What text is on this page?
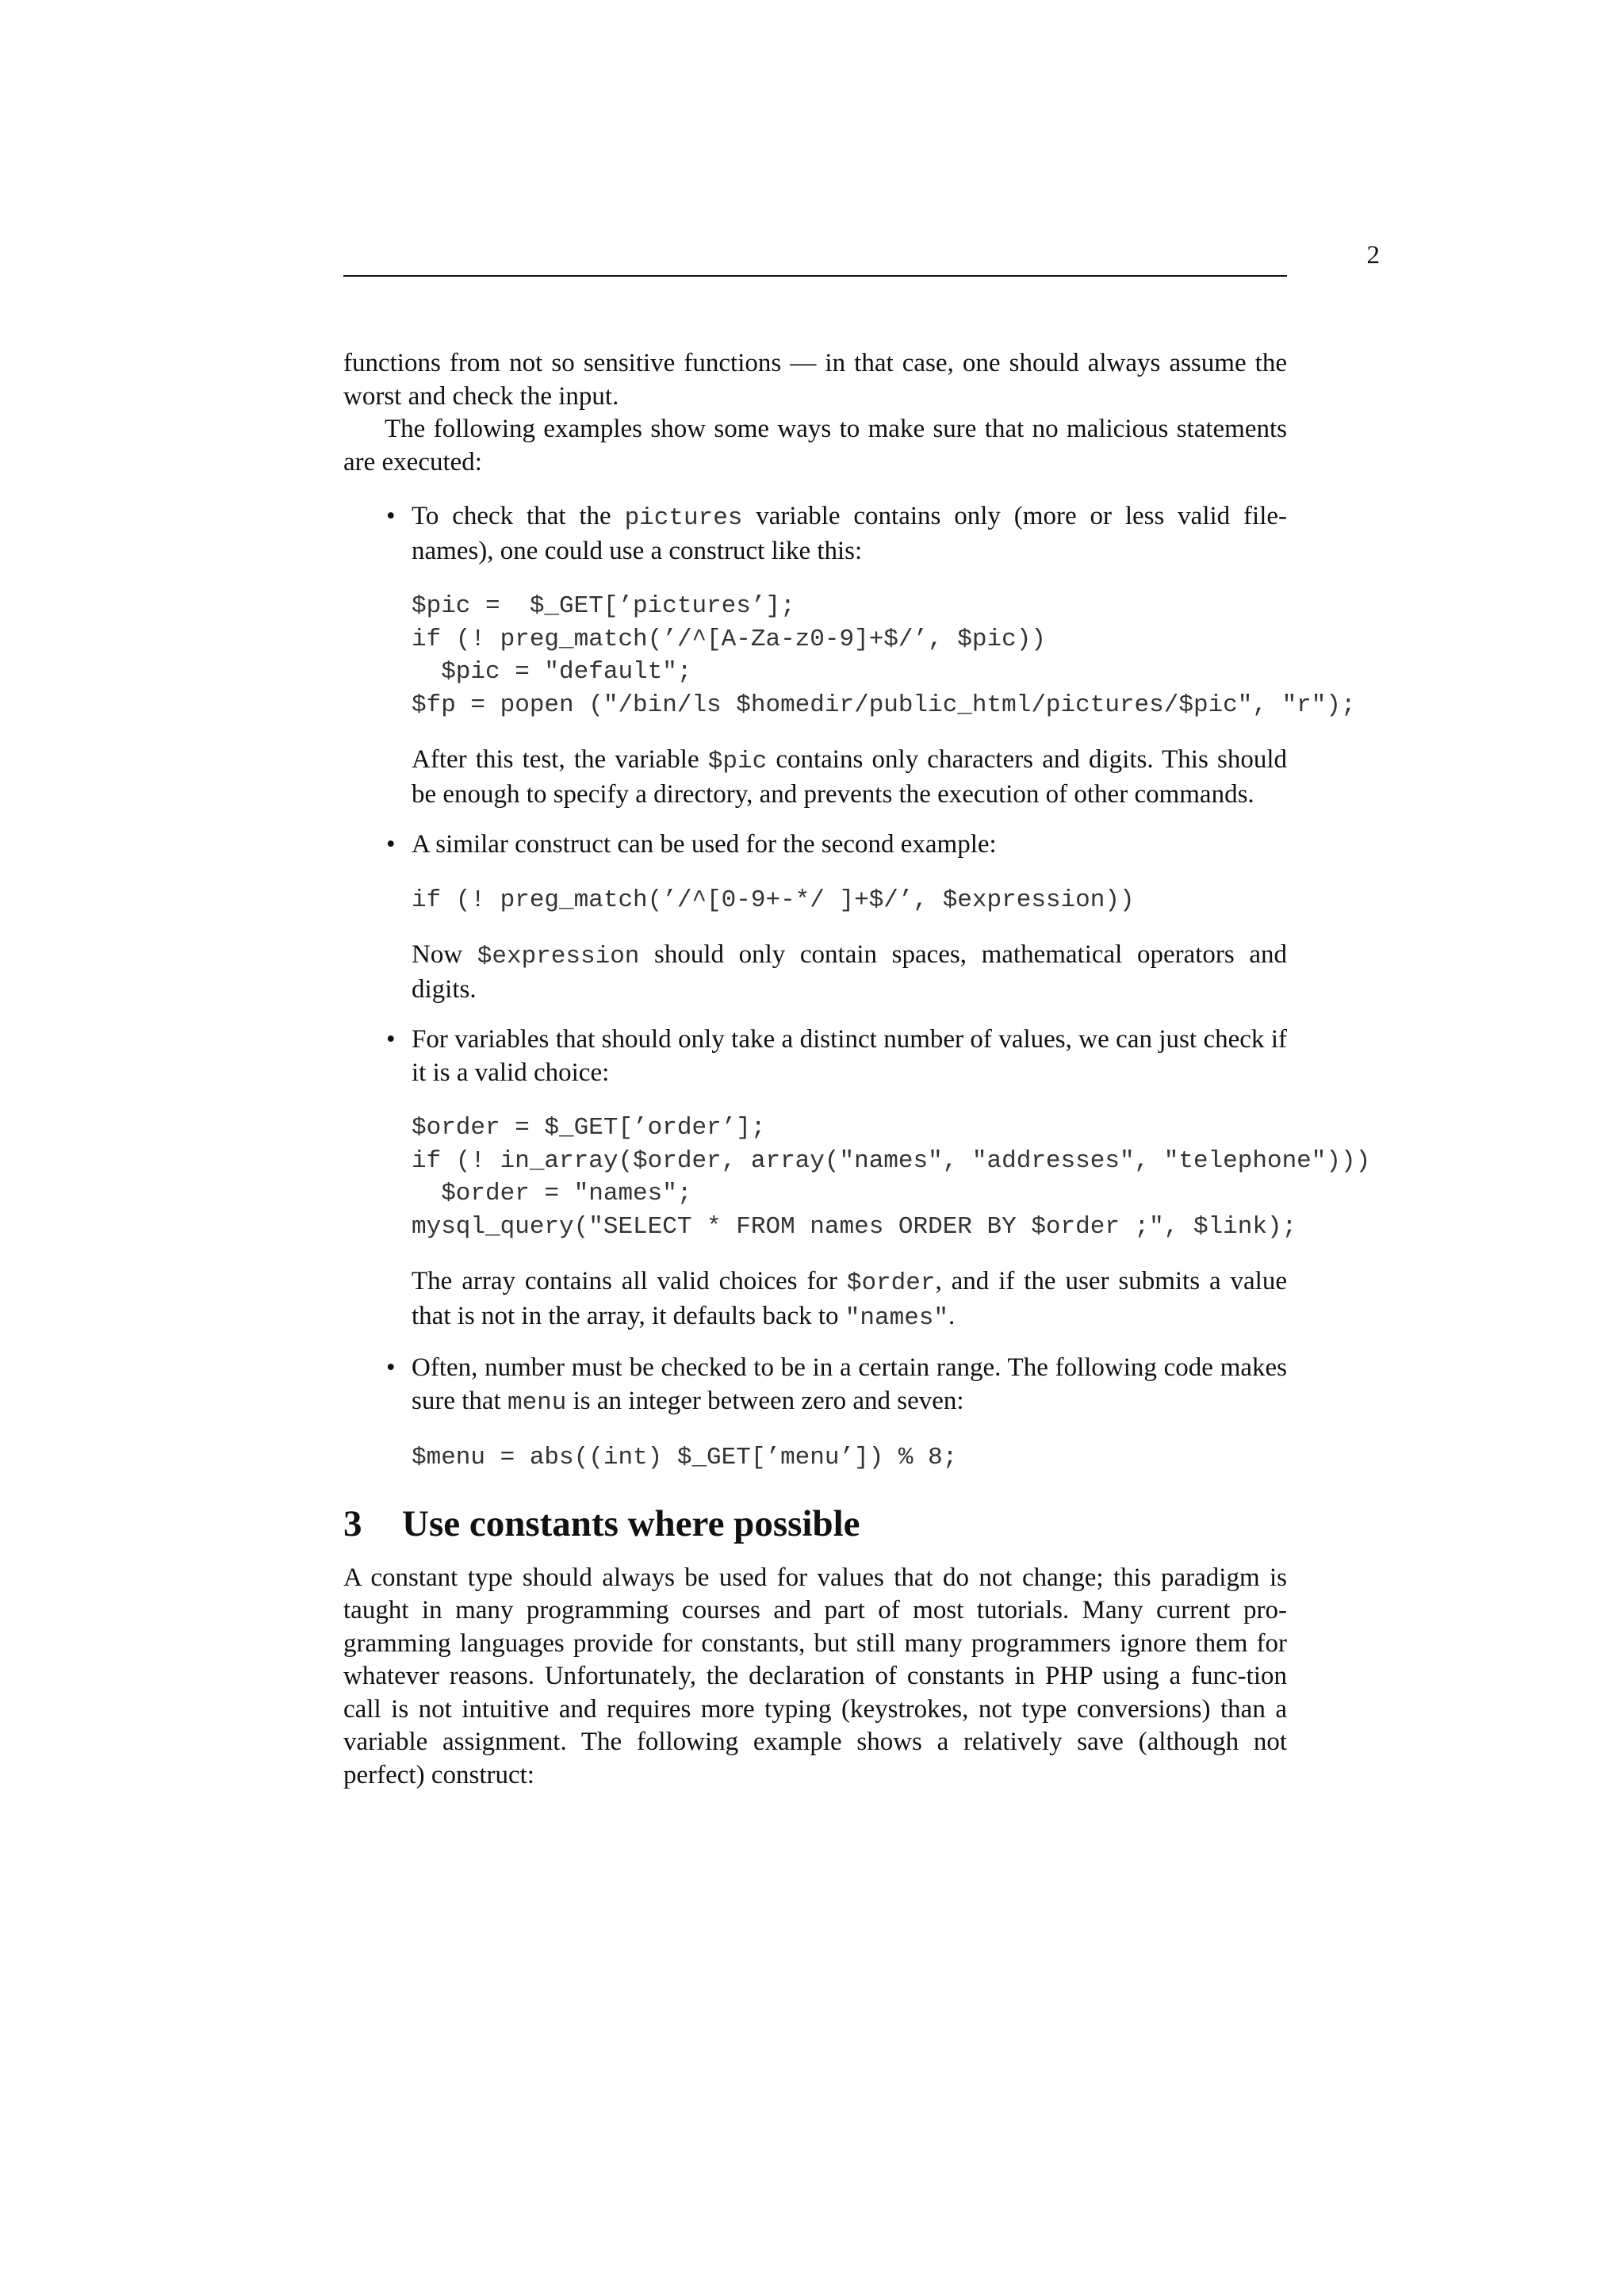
2

functions from not so sensitive functions — in that case, one should always assume the worst and check the input.

The following examples show some ways to make sure that no malicious statements are executed:

• To check that the pictures variable contains only (more or less valid file-names), one could use a construct like this:

$pic =  $_GET[’pictures’];
if (! preg_match(’/^[A-Za-z0-9]+$/’, $pic))
$pic = "default";
$fp = popen ("/bin/ls $homedir/public_html/pictures/$pic", "r");

After this test, the variable $pic contains only characters and digits. This should be enough to specify a directory, and prevents the execution of other commands.

• A similar construct can be used for the second example:

if (! preg_match(’/^[0-9+-*/ ]+$/’, $expression))

Now $expression should only contain spaces, mathematical operators and digits.

• For variables that should only take a distinct number of values, we can just check if it is a valid choice:

$order = $_GET[’order’];
if (! in_array($order, array("names", "addresses", "telephone")))
$order = "names";
mysql_query("SELECT * FROM names ORDER BY $order ;", $link);

The array contains all valid choices for $order, and if the user submits a value that is not in the array, it defaults back to "names".

• Often, number must be checked to be in a certain range. The following code makes sure that menu is an integer between zero and seven:

$menu = abs((int) $_GET[’menu’]) % 8;
3 Use constants where possible

A constant type should always be used for values that do not change; this paradigm is taught in many programming courses and part of most tutorials. Many current pro-gramming languages provide for constants, but still many programmers ignore them for whatever reasons. Unfortunately, the declaration of constants in PHP using a func-tion call is not intuitive and requires more typing (keystrokes, not type conversions) than a variable assignment. The following example shows a relatively save (although not perfect) construct:
